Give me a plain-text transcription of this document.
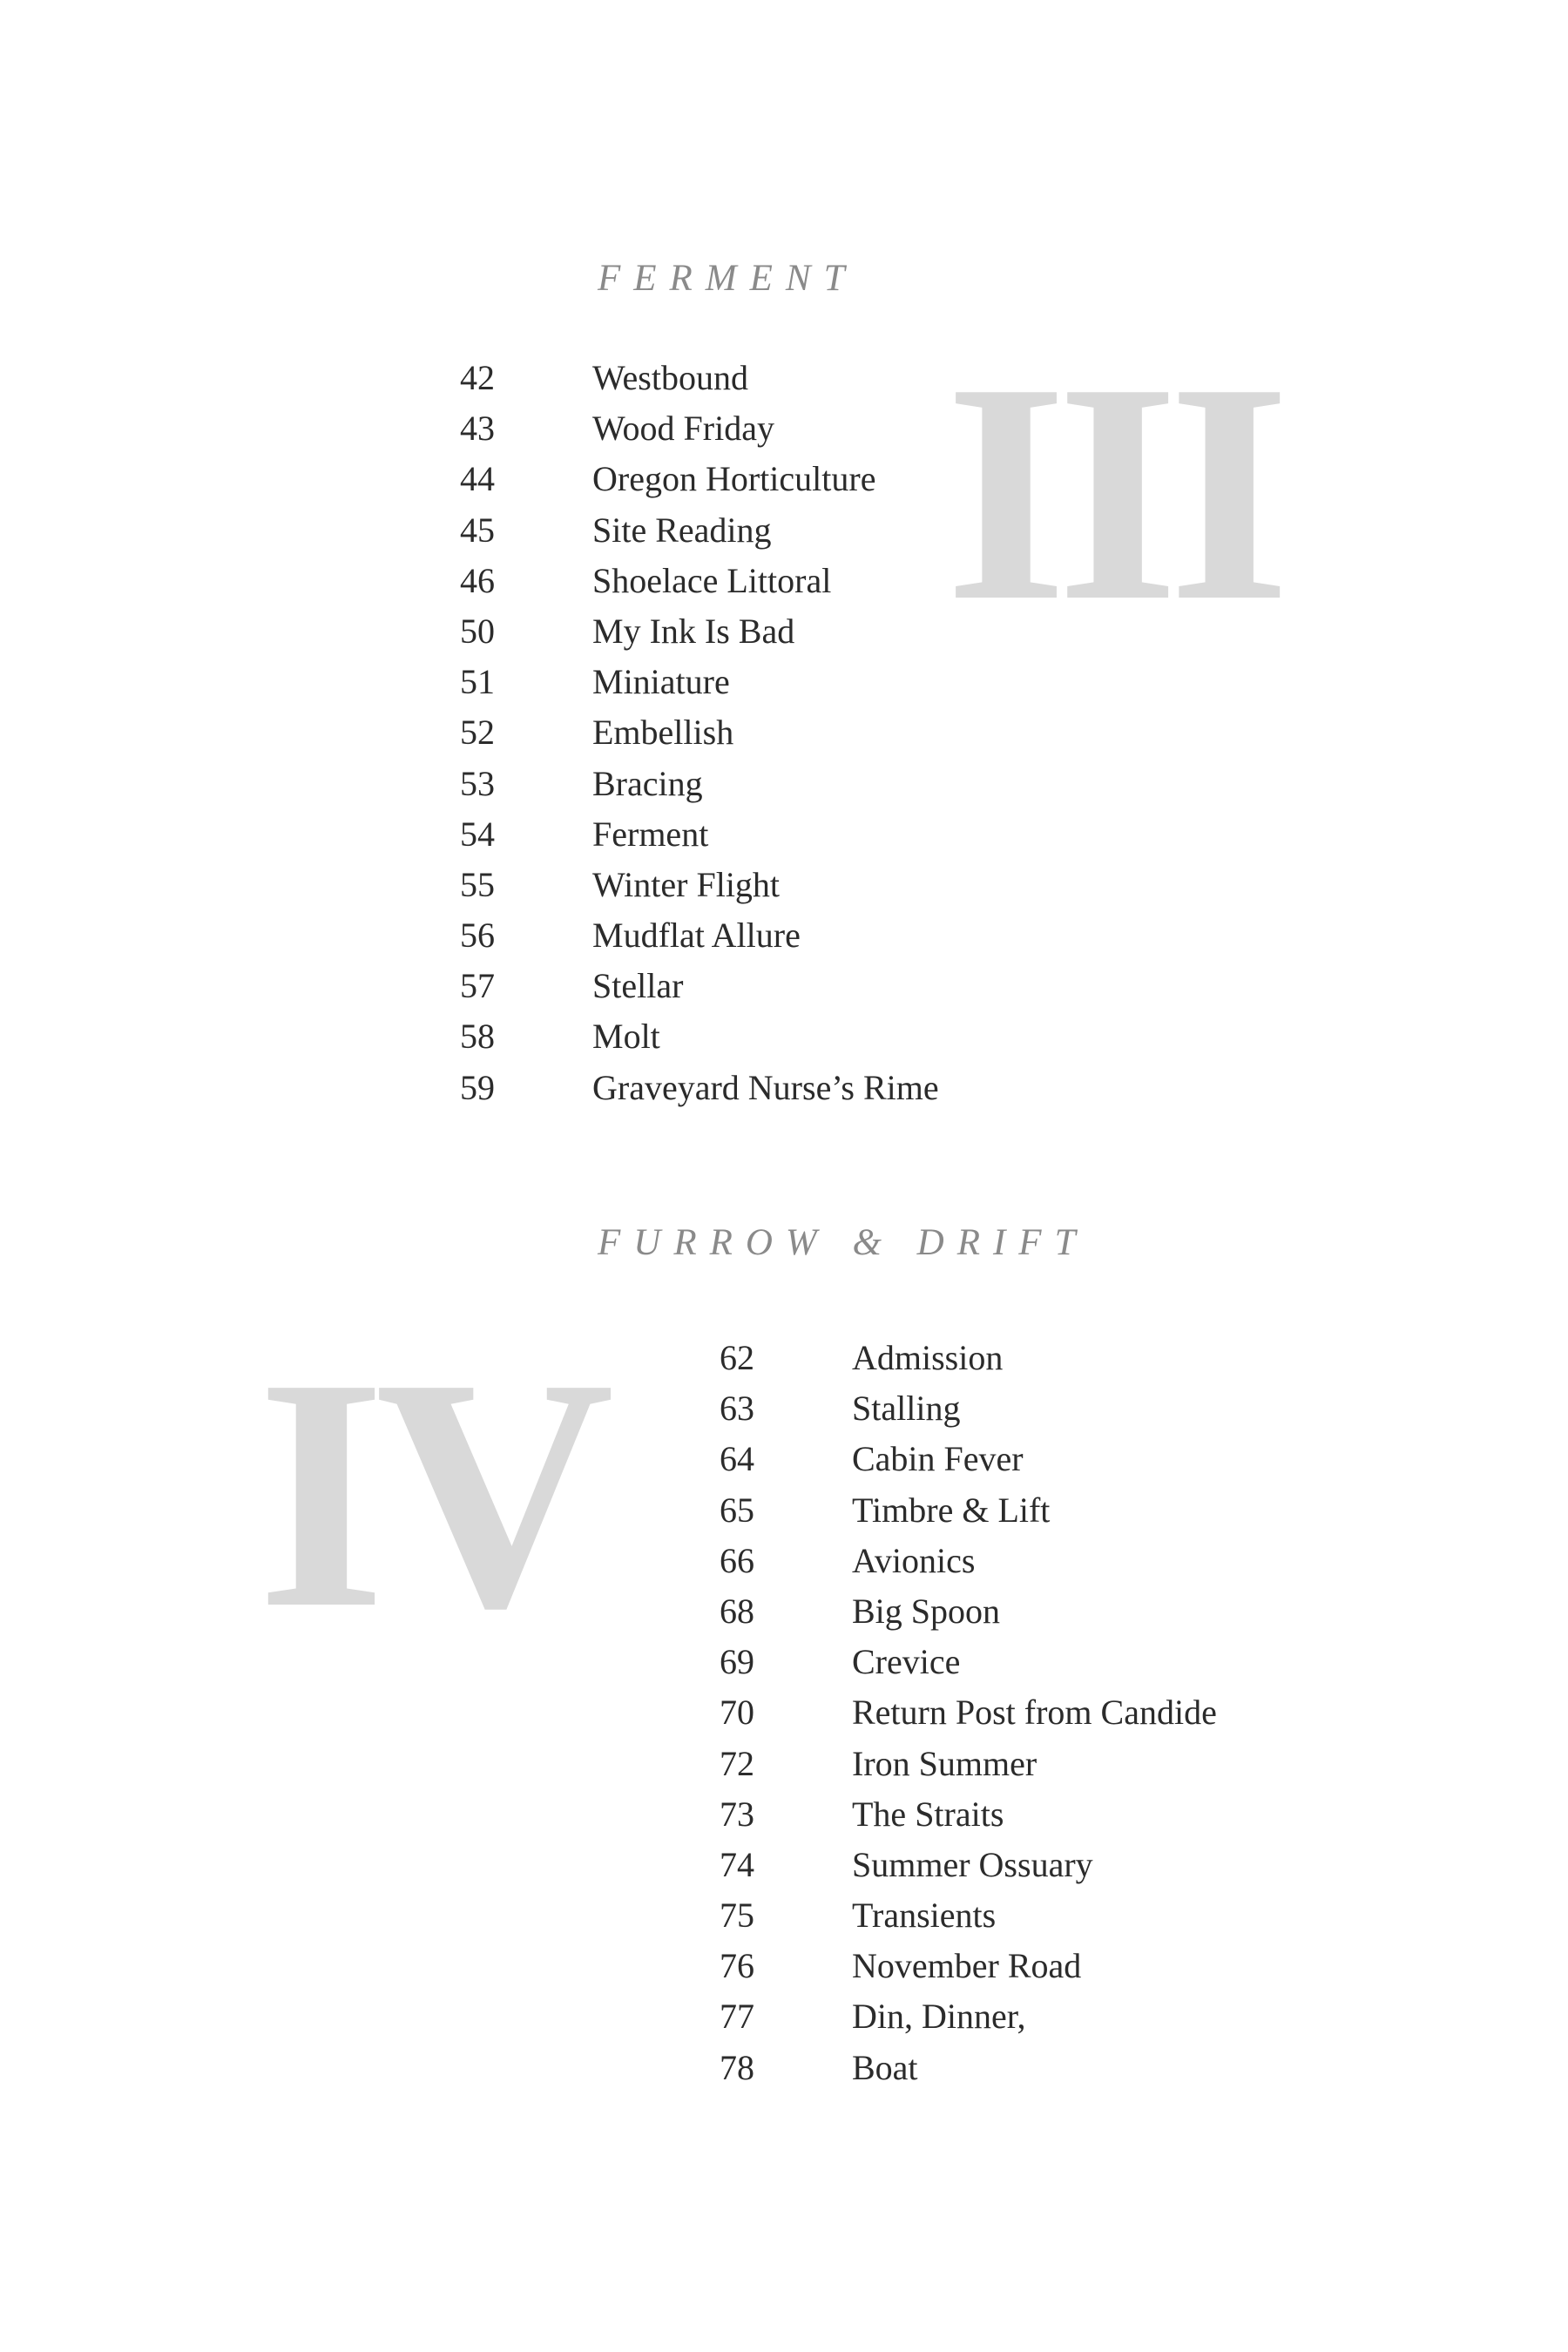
III
FERMENT
42	Westbound
43	Wood Friday
44	Oregon Horticulture
45	Site Reading
46	Shoelace Littoral
50	My Ink Is Bad
51	Miniature
52	Embellish
53	Bracing
54	Ferment
55	Winter Flight
56	Mudflat Allure
57	Stellar
58	Molt
59	Graveyard Nurse’s Rime
IV
FURROW & DRIFT
62	Admission
63	Stalling
64	Cabin Fever
65	Timbre & Lift
66	Avionics
68	Big Spoon
69	Crevice
70	Return Post from Candide
72	Iron Summer
73	The Straits
74	Summer Ossuary
75	Transients
76	November Road
77	Din, Dinner,
78	Boat
